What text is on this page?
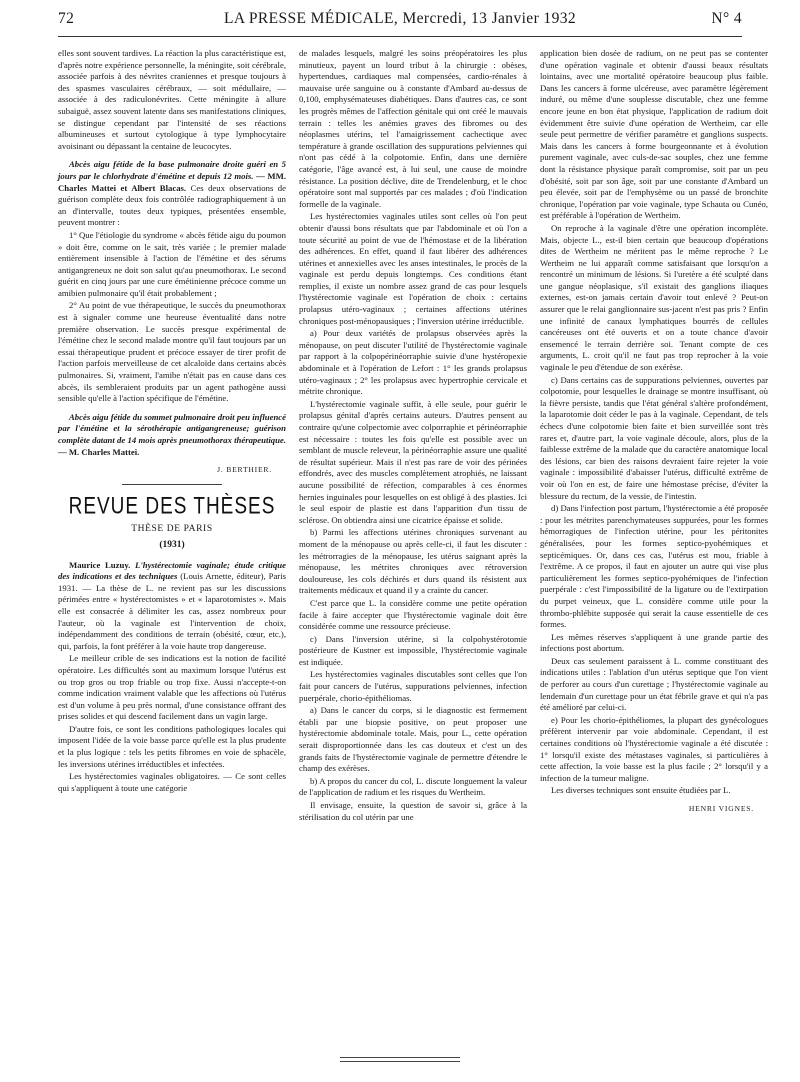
72	LA PRESSE MÉDICALE, Mercredi, 13 Janvier 1932	N° 4

elles sont souvent tardives. La réaction la plus caractéristique est, d'après notre expérience personnelle, la méningite, soit cérébrale, associée parfois à des névrites craniennes et presque toujours à des spasmes vasculaires cérébraux, — soit médullaire, — associée à des radiculonévrites. Cette méningite à allure subaiguë, assez souvent latente dans ses manifestations cliniques, se distingue cependant par l'intensité de ses réactions albumineuses et surtout cytologique à type lymphocytaire avoisinant ou dépassant la centaine de leucocytes.

Abcès aigu fétide de la base pulmonaire droite guéri en 5 jours par le chlorhydrate d'émétine et depuis 12 mois. — MM. Charles Mattei et Albert Blacas. Ces deux observations de guérison complète deux fois contrôlée radiographiquement à un an d'intervalle, toutes deux typiques, présentées ensemble, peuvent montrer :

1° Que l'étiologie du syndrome « abcès fétide aigu du poumon » doit être, comme on le sait, très variée ; le premier malade entièrement insensible à l'action de l'émétine et des sérums antigangreneux ne doit son salut qu'au pneumothorax. Le second guérit en cinq jours par une cure émétinienne précoce comme un amibien pulmonaire qu'il était probablement ;

2° Au point de vue thérapeutique, le succès du pneumothorax est à signaler comme une heureuse éventualité dans notre première observation. Le succès presque expérimental de l'émétine chez le second malade montre qu'il faut toujours par un essai thérapeutique prudent et précoce essayer de tirer profit de l'action parfois merveilleuse de cet alcaloïde dans certains abcès pulmonaires. Si, vraiment, l'amibe n'était pas en cause dans ces abcès, ils sembleraient produits par un agent pathogène aussi sensible qu'elle à l'action spécifique de l'émétine.

Abcès aigu fétide du sommet pulmonaire droit peu influencé par l'émétine et la sérothérapie antigangreneuse; guérison complète datant de 14 mois après pneumothorax thérapeutique. — M. Charles Mattei.

J. BERTHIER.
REVUE DES THÈSES
THÈSE DE PARIS
(1931)

Maurice Luzuy. L'hystérectomie vaginale; étude critique des indications et des techniques (Louis Arnette, éditeur), Paris 1931. — La thèse de L. ne revient pas sur les discussions périmées entre « hystérectomistes » et « laparotomistes ». Mais elle est consacrée à délimiter les cas, assez nombreux pour l'auteur, où la vaginale est l'intervention de choix, indépendamment des conditions de terrain (obésité, cœur, etc.), qui, parfois, la font préférer à la voie haute trop dangereuse.

Le meilleur crible de ses indications est la notion de facilité opératoire. Les difficultés sont au maximum lorsque l'utérus est ou trop gros ou trop friable ou trop fixe. Aussi n'accepte-t-on comme indication vraiment valable que les affections où l'utérus est d'un volume à peu près normal, d'une consistance offrant des prises solides et qui descend facilement dans un vagin large.

D'autre fois, ce sont les conditions pathologiques locales qui imposent l'idée de la voie basse parce qu'elle est la plus prudente et la plus logique : tels les petits fibromes en voie de sphacèle, les inversions utérines irréductibles et infectées.

Les hystérectomies vaginales obligatoires. — Ce sont celles qui s'appliquent à toute une catégorie

de malades lesquels, malgré les soins préopératoires les plus minutieux, payent un lourd tribut à la chirurgie : obèses, hypertendues, cardiaques mal compensées, cardio-rénales à mauvaise urée sanguine ou à constante d'Ambard au-dessus de 0,100, emphysémateuses diabétiques. Dans d'autres cas, ce sont les progrès mêmes de l'affection génitale qui ont créé le mauvais terrain : telles les anémies graves des fibromes ou des néoplasmes utérins, tel l'amaigrissement cachectique avec température à grande oscillation des suppurations pelviennes qui n'ont pas cédé à la colpotomie. Enfin, dans une dernière catégorie, l'âge avancé est, à lui seul, une cause de moindre résistance. La position déclive, dite de Trendelenburg, et le choc opératoire sont mal supportés par ces malades ; d'où l'indication formelle de la vaginale.

Les hystérectomies vaginales utiles sont celles où l'on peut obtenir d'aussi bons résultats que par l'abdominale et où l'on a toute sécurité au point de vue de l'hémostase et de la libération des adhérences. En effet, quand il faut libérer des adhérences utérines et annexielles avec les anses intestinales, le procès de la vaginale est perdu depuis longtemps. Ces conditions étant remplies, il existe un nombre assez grand de cas pour lesquels l'hystérectomie vaginale est l'opération de choix : certains prolapsus utéro-vaginaux ; certaines affections utérines chroniques post-ménopausiques ; l'inversion utérine irréductible.

a) Pour deux variétés de prolapsus observées après la ménopause, on peut discuter l'utilité de l'hystérectomie vaginale par rapport à la colpopérinéorraphie suivie d'une hystéropexie abdominale et à l'opération de Lefort : 1° les grands prolapsus utéro-vaginaux ; 2° les prolapsus avec hypertrophie cervicale et métrite chronique.

L'hystérectomie vaginale suffit, à elle seule, pour guérir le prolapsus génital d'après certains auteurs. D'autres pensent au contraire qu'une colpectomie avec colporraphie et périnéorraphie est nécessaire : toutes les fois qu'elle est possible avec un semblant de muscle releveur, la périnéorraphie assure une qualité de résultat supérieur. Mais il n'est pas rare de voir des périnées effondrés, avec des muscles complètement atrophiés, ne laissant aucune possibilité de réfection, comparables à ces énormes hernies inguinales pour lesquelles on est obligé à des plasties. Ici le seul espoir de plastie est dans l'apparition d'un tissu de sclérose. On obtiendra ainsi une cicatrice épaisse et solide.

b) Parmi les affections utérines chroniques survenant au moment de la ménopause ou après celle-ci, il faut les discuter : les métrorragies de la ménopause, les utérus saignant après la ménopause, les métrites chroniques avec rétroversion douloureuse, les cols déchirés et durs quand ils résistent aux traitements médicaux et quand il y a crainte du cancer.

C'est parce que L. la considère comme une petite opération facile à faire accepter que l'hystérectomie vaginale doit être considérée comme une ressource précieuse.

c) Dans l'inversion utérine, si la colpohystérotomie postérieure de Kustner est impossible, l'hystérectomie vaginale est indiquée.

Les hystérectomies vaginales discutables sont celles que l'on fait pour cancers de l'utérus, suppurations pelviennes, infection puerpérale, chorio-épithéliomas.

a) Dans le cancer du corps, si le diagnostic est fermement établi par une biopsie positive, on peut proposer une hystérectomie abdominale totale. Mais, pour L., cette opération serait disproportionnée dans les cas douteux et c'est un des grands faits de l'hystérectomie vaginale de permettre d'étendre le champ des exérèses.

b) A propos du cancer du col, L. discute longuement la valeur de l'application de radium et les risques du Wertheim.

Il envisage, ensuite, la question de savoir si, grâce à la stérilisation du col utérin par une

application bien dosée de radium, on ne peut pas se contenter d'une opération vaginale et obtenir d'aussi beaux résultats lointains, avec une mortalité opératoire beaucoup plus faible. Dans les cancers à forme ulcéreuse, avec paramètre légèrement induré, ou même d'une souplesse discutable, chez une femme encore jeune en bon état physique, l'application de radium doit évidemment être suivie d'une opération de Wertheim, car elle seule peut permettre de vérifier paramètre et ganglions suspects. Mais dans les cancers à forme bourgeonnante et à évolution purement vaginale, avec culs-de-sac souples, chez une femme dont la résistance physique paraît compromise, soit par un peu d'obésité, soit par son âge, soit par une constante d'Ambard un peu élevée, soit par de l'emphysème ou un passé de bronchite chronique, l'opération par voie vaginale, type Schauta ou Cunéo, est préférable à l'opération de Wertheim.

On reproche à la vaginale d'être une opération incomplète. Mais, objecte L., est-il bien certain que beaucoup d'opérations dites de Wertheim ne méritent pas le même reproche ? Le Wertheim ne lui apparaît comme satisfaisant que lorsqu'on a rencontré un minimum de lésions. Si l'uretère a été sculpté dans une gangue néoplasique, s'il existait des ganglions iliaques externes, est-on jamais certain d'avoir tout enlevé ? Peut-on assurer que le relai ganglionnaire sus-jacent n'est pas pris ? Enfin une infinité de canaux lymphatiques bourrés de cellules cancéreuses ont été ouverts et on a toute chance d'avoir ensemencé le terrain derrière soi. Tenant compte de ces arguments, L. croit qu'il ne faut pas trop reprocher à la voie vaginale le peu d'étendue de son exérèse.

c) Dans certains cas de suppurations pelviennes, ouvertes par colpotomie, pour lesquelles le drainage se montre insuffisant, où la fièvre persiste, tandis que l'état général s'altère profondément, la laparotomie doit céder le pas à la vaginale. Cependant, de tels échecs d'une colpotomie bien faite et bien surveillée sont très rares et, d'autre part, la voie vaginale découle, alors, plus de la faiblesse extrême de la malade que du caractère anatomique local des lésions, car bien des raisons devraient faire rejeter la voie vaginale : impossibilité d'abaisser l'utérus, difficulté extrême de voir où l'on en est, de faire une hémostase précise, d'éviter la blessure du rectum, de la vessie, de l'intestin.

d) Dans l'infection post partum, l'hystérectomie a été proposée : pour les métrites parenchymateuses suppurées, pour les formes hémorragiques de l'infection utérine, pour les péritonites généralisées, pour les formes septico-pyohémiques et septicémiques. Or, dans ces cas, l'utérus est mou, friable à l'extrême. A ce propos, il faut en ajouter un autre qui vise plus particulièrement les formes septico-pyohémiques de l'infection puerpérale : c'est l'impossibilité de la ligature ou de l'extirpation du purpet veineux, que L. considère comme utile pour la thrombo-phlébite supposée qui serait la cause essentielle de ces formes.

Les mêmes réserves s'appliquent à une grande partie des infections post abortum.

Deux cas seulement paraissent à L. comme constituant des indications utiles : l'ablation d'un utérus septique que l'on vient de perforer au cours d'un curettage ; l'hystérectomie vaginale au lendemain d'un curettage pour un état fébrile grave et qui n'a pas été amélioré par celui-ci.

e) Pour les chorio-épithéliomes, la plupart des gynécologues préfèrent intervenir par voie abdominale. Cependant, il est certaines conditions où l'hystérectomie vaginale a été discutée : 1° lorsqu'il existe des métastases vaginales, si particulières à cette affection, la voie basse est la plus facile ; 2° lorsqu'il y a infection de la tumeur maligne.

Les diverses techniques sont ensuite étudiées par L.

HENRI VIGNES.
